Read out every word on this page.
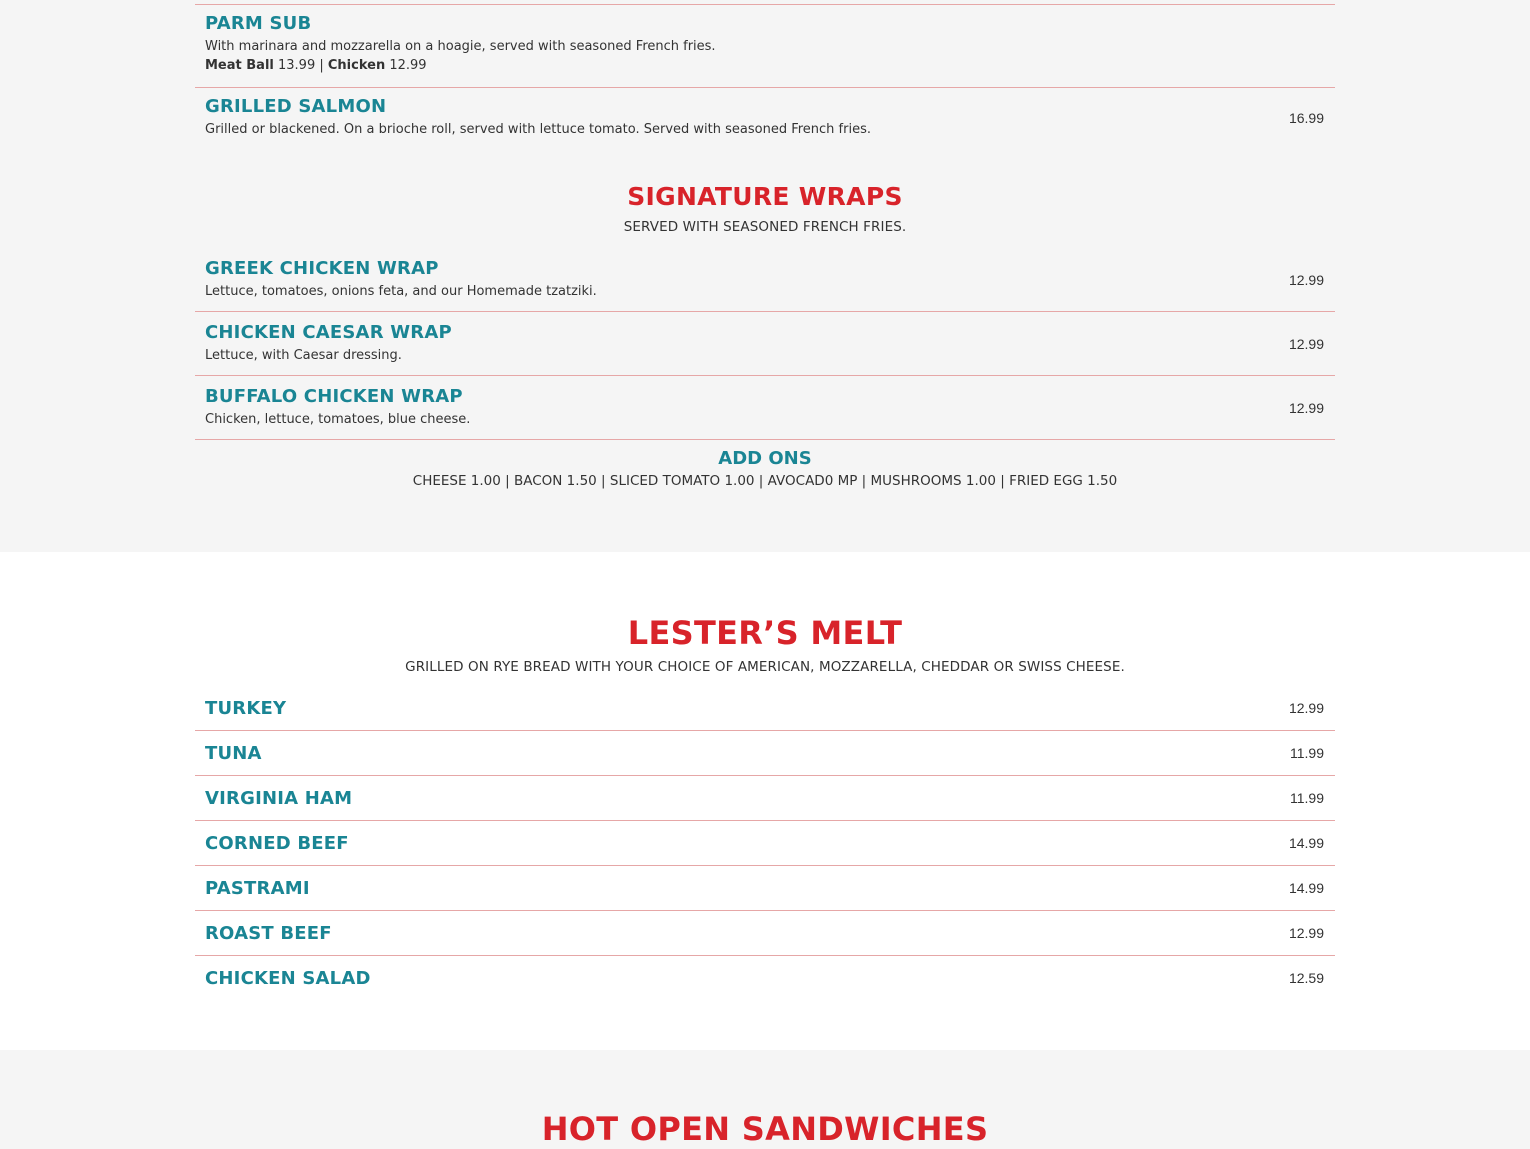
PARM SUB
With marinara and mozzarella on a hoagie, served with seasoned French fries.
Meat Ball 13.99 | Chicken 12.99
GRILLED SALMON
Grilled or blackened. On a brioche roll, served with lettuce tomato. Served with seasoned French fries.
16.99
SIGNATURE WRAPS
SERVED WITH SEASONED FRENCH FRIES.
GREEK CHICKEN WRAP
Lettuce, tomatoes, onions feta, and our Homemade tzatziki.
12.99
CHICKEN CAESAR WRAP
Lettuce, with Caesar dressing.
12.99
BUFFALO CHICKEN WRAP
Chicken, lettuce, tomatoes, blue cheese.
12.99
ADD ONS
CHEESE 1.00 | BACON 1.50 | SLICED TOMATO 1.00 | AVOCAD0 MP | MUSHROOMS 1.00 | FRIED EGG 1.50
LESTER’S MELT
GRILLED ON RYE BREAD WITH YOUR CHOICE OF AMERICAN, MOZZARELLA, CHEDDAR OR SWISS CHEESE.
TURKEY	12.99
TUNA	11.99
VIRGINIA HAM	11.99
CORNED BEEF	14.99
PASTRAMI	14.99
ROAST BEEF	12.99
CHICKEN SALAD	12.59
HOT OPEN SANDWICHES
